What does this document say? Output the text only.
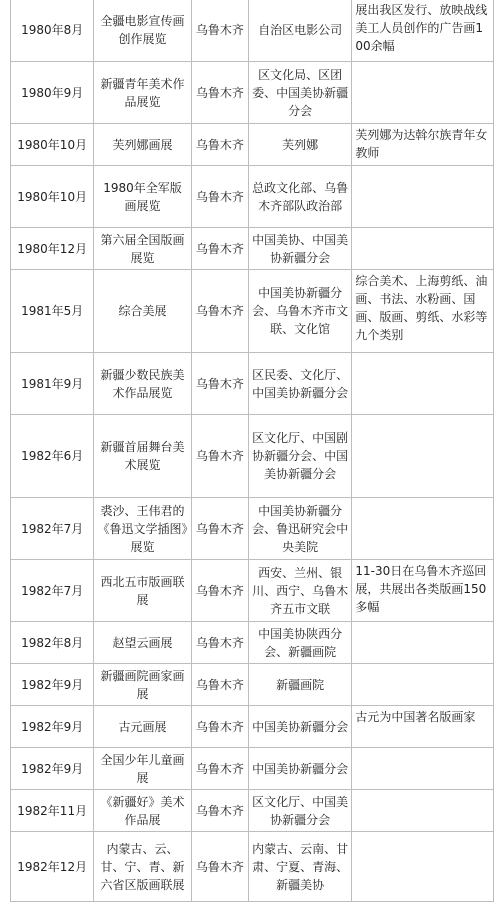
1980年8月	全疆电影宣传画创作展览	乌鲁木齐	自治区电影公司	展出我区发行、放映战线美工人员创作的广告画100余幅
1980年9月	新疆青年美术作品展览	乌鲁木齐	区文化局、区团委、中国美协新疆分会	
1980年10月	芙列娜画展	乌鲁木齐	芙列娜	芙列娜为达斡尔族青年女教师
1980年10月	1980年全军版画展览	乌鲁木齐	总政文化部、乌鲁木齐部队政治部	
1980年12月	第六届全国版画展览	乌鲁木齐	中国美协、中国美协新疆分会	
1981年5月	综合美展	乌鲁木齐	中国美协新疆分会、乌鲁木齐市文联、文化馆	综合美术、上海剪纸、油画、书法、水粉画、国画、版画、剪纸、水彩等九个类别
1981年9月	新疆少数民族美术作品展览	乌鲁木齐	区民委、文化厅、中国美协新疆分会	
1982年6月	新疆首届舞台美术展览	乌鲁木齐	区文化厅、中国剧协新疆分会、中国美协新疆分会	
1982年7月	裘沙、王伟君的《鲁迅文学插图》展览	乌鲁木齐	中国美协新疆分会、鲁迅研究会中央美院	
1982年7月	西北五市版画联展	乌鲁木齐	西安、兰州、银川、西宁、乌鲁木齐五市文联	11-30日在乌鲁木齐巡回展，共展出各类版画150多幅
1982年8月	赵望云画展	乌鲁木齐	中国美协陕西分会、新疆画院	
1982年9月	新疆画院画家画展	乌鲁木齐	新疆画院	
1982年9月	古元画展	乌鲁木齐	中国美协新疆分会	古元为中国著名版画家
1982年9月	全国少年儿童画展	乌鲁木齐	中国美协新疆分会	
1982年11月	《新疆好》美术作品展	乌鲁木齐	区文化厅、中国美协新疆分会	
1982年12月	内蒙古、云、甘、宁、青、新六省区版画联展	乌鲁木齐	内蒙古、云南、甘肃、宁夏、青海、新疆美协	
